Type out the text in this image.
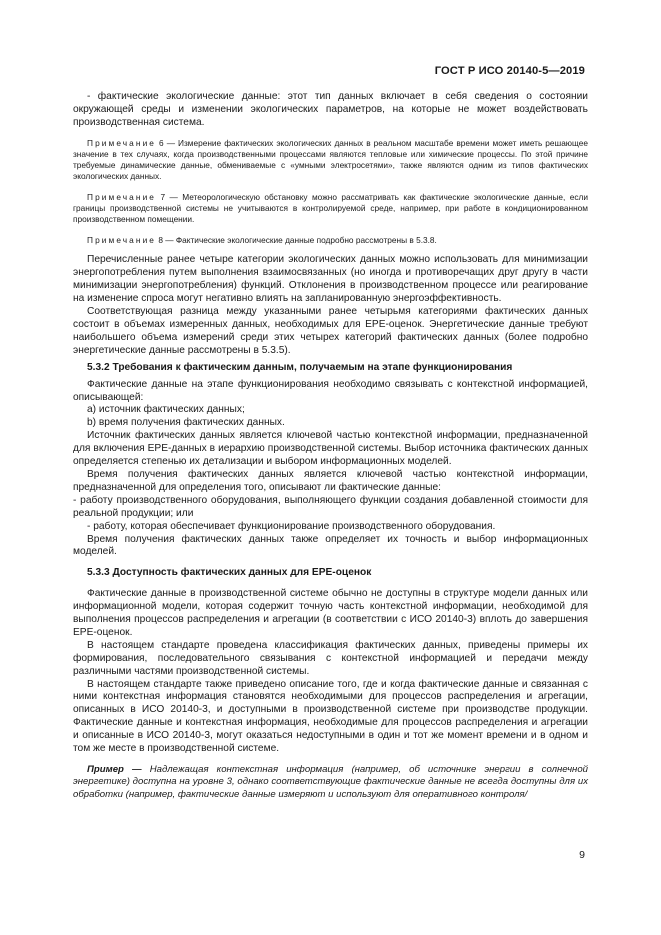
ГОСТ Р ИСО 20140-5—2019

- фактические экологические данные: этот тип данных включает в себя сведения о состоянии окружающей среды и изменении экологических параметров, на которые не может воздействовать производственная система.

Примечание 6 — Измерение фактических экологических данных в реальном масштабе времени может иметь решающее значение в тех случаях, когда производственными процессами являются тепловые или химические процессы. По этой причине требуемые динамические данные, обмениваемые с «умными электросетями», также являются одним из типов фактических экологических данных.

Примечание 7 — Метеорологическую обстановку можно рассматривать как фактические экологические данные, если границы производственной системы не учитываются в контролируемой среде, например, при работе в кондиционированном производственном помещении.

Примечание 8 — Фактические экологические данные подробно рассмотрены в 5.3.8.

Перечисленные ранее четыре категории экологических данных можно использовать для минимизации энергопотребления путем выполнения взаимосвязанных (но иногда и противоречащих друг другу в части минимизации энергопотребления) функций. Отклонения в производственном процессе или реагирование на изменение спроса могут негативно влиять на запланированную энергоэффективность.

Соответствующая разница между указанными ранее четырьмя категориями фактических данных состоит в объемах измеренных данных, необходимых для EPE-оценок. Энергетические данные требуют наибольшего объема измерений среди этих четырех категорий фактических данных (более подробно энергетические данные рассмотрены в 5.3.5).

5.3.2 Требования к фактическим данным, получаемым на этапе функционирования

Фактические данные на этапе функционирования необходимо связывать с контекстной информацией, описывающей:

a) источник фактических данных;

b) время получения фактических данных.

Источник фактических данных является ключевой частью контекстной информации, предназначенной для включения EPE-данных в иерархию производственной системы. Выбор источника фактических данных определяется степенью их детализации и выбором информационных моделей.

Время получения фактических данных является ключевой частью контекстной информации, предназначенной для определения того, описывают ли фактические данные:

- работу производственного оборудования, выполняющего функции создания добавленной стоимости для реальной продукции; или

- работу, которая обеспечивает функционирование производственного оборудования.

Время получения фактических данных также определяет их точность и выбор информационных моделей.

5.3.3 Доступность фактических данных для EPE-оценок

Фактические данные в производственной системе обычно не доступны в структуре модели данных или информационной модели, которая содержит точную часть контекстной информации, необходимой для выполнения процессов распределения и агрегации (в соответствии с ИСО 20140-3) вплоть до завершения EPE-оценок.

В настоящем стандарте проведена классификация фактических данных, приведены примеры их формирования, последовательного связывания с контекстной информацией и передачи между различными частями производственной системы.

В настоящем стандарте также приведено описание того, где и когда фактические данные и связанная с ними контекстная информация становятся необходимыми для процессов распределения и агрегации, описанных в ИСО 20140-3, и доступными в производственной системе при производстве продукции. Фактические данные и контекстная информация, необходимые для процессов распределения и агрегации и описанные в ИСО 20140-3, могут оказаться недоступными в один и тот же момент времени и в одном и том же месте в производственной системе.

Пример — Надлежащая контекстная информация (например, об источнике энергии в солнечной энергетике) доступна на уровне 3, однако соответствующие фактические данные не всегда доступны для их обработки (например, фактические данные измеряют и используют для оперативного контроля/

9
